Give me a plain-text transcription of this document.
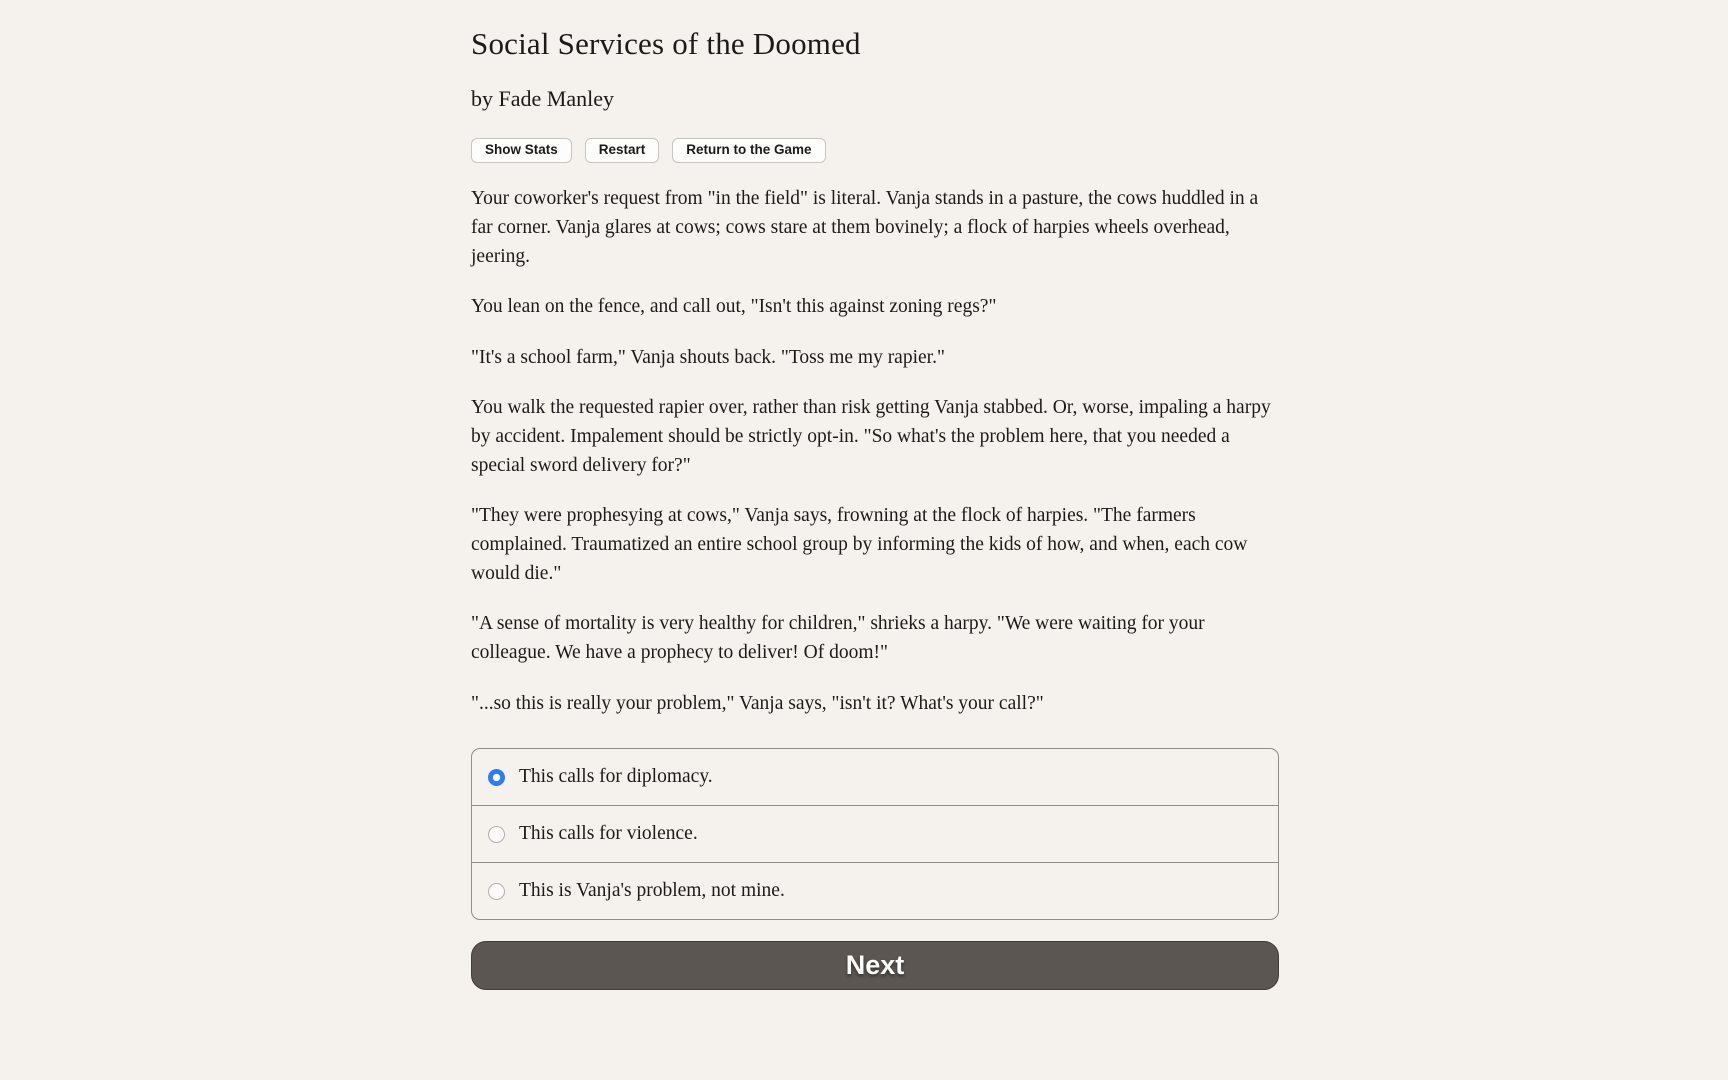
Social Services of the Doomed
by Fade Manley
Show Stats	Restart	Return to the Game

Your coworker's request from "in the field" is literal. Vanja stands in a pasture, the cows huddled in a far corner. Vanja glares at cows; cows stare at them bovinely; a flock of harpies wheels overhead, jeering.

You lean on the fence, and call out, "Isn't this against zoning regs?"

"It's a school farm," Vanja shouts back. "Toss me my rapier."

You walk the requested rapier over, rather than risk getting Vanja stabbed. Or, worse, impaling a harpy by accident. Impalement should be strictly opt-in. "So what's the problem here, that you needed a special sword delivery for?"

"They were prophesying at cows," Vanja says, frowning at the flock of harpies. "The farmers complained. Traumatized an entire school group by informing the kids of how, and when, each cow would die."

"A sense of mortality is very healthy for children," shrieks a harpy. "We were waiting for your colleague. We have a prophecy to deliver! Of doom!"

"...so this is really your problem," Vanja says, "isn't it? What's your call?"

This calls for diplomacy.
This calls for violence.
This is Vanja's problem, not mine.
Next
